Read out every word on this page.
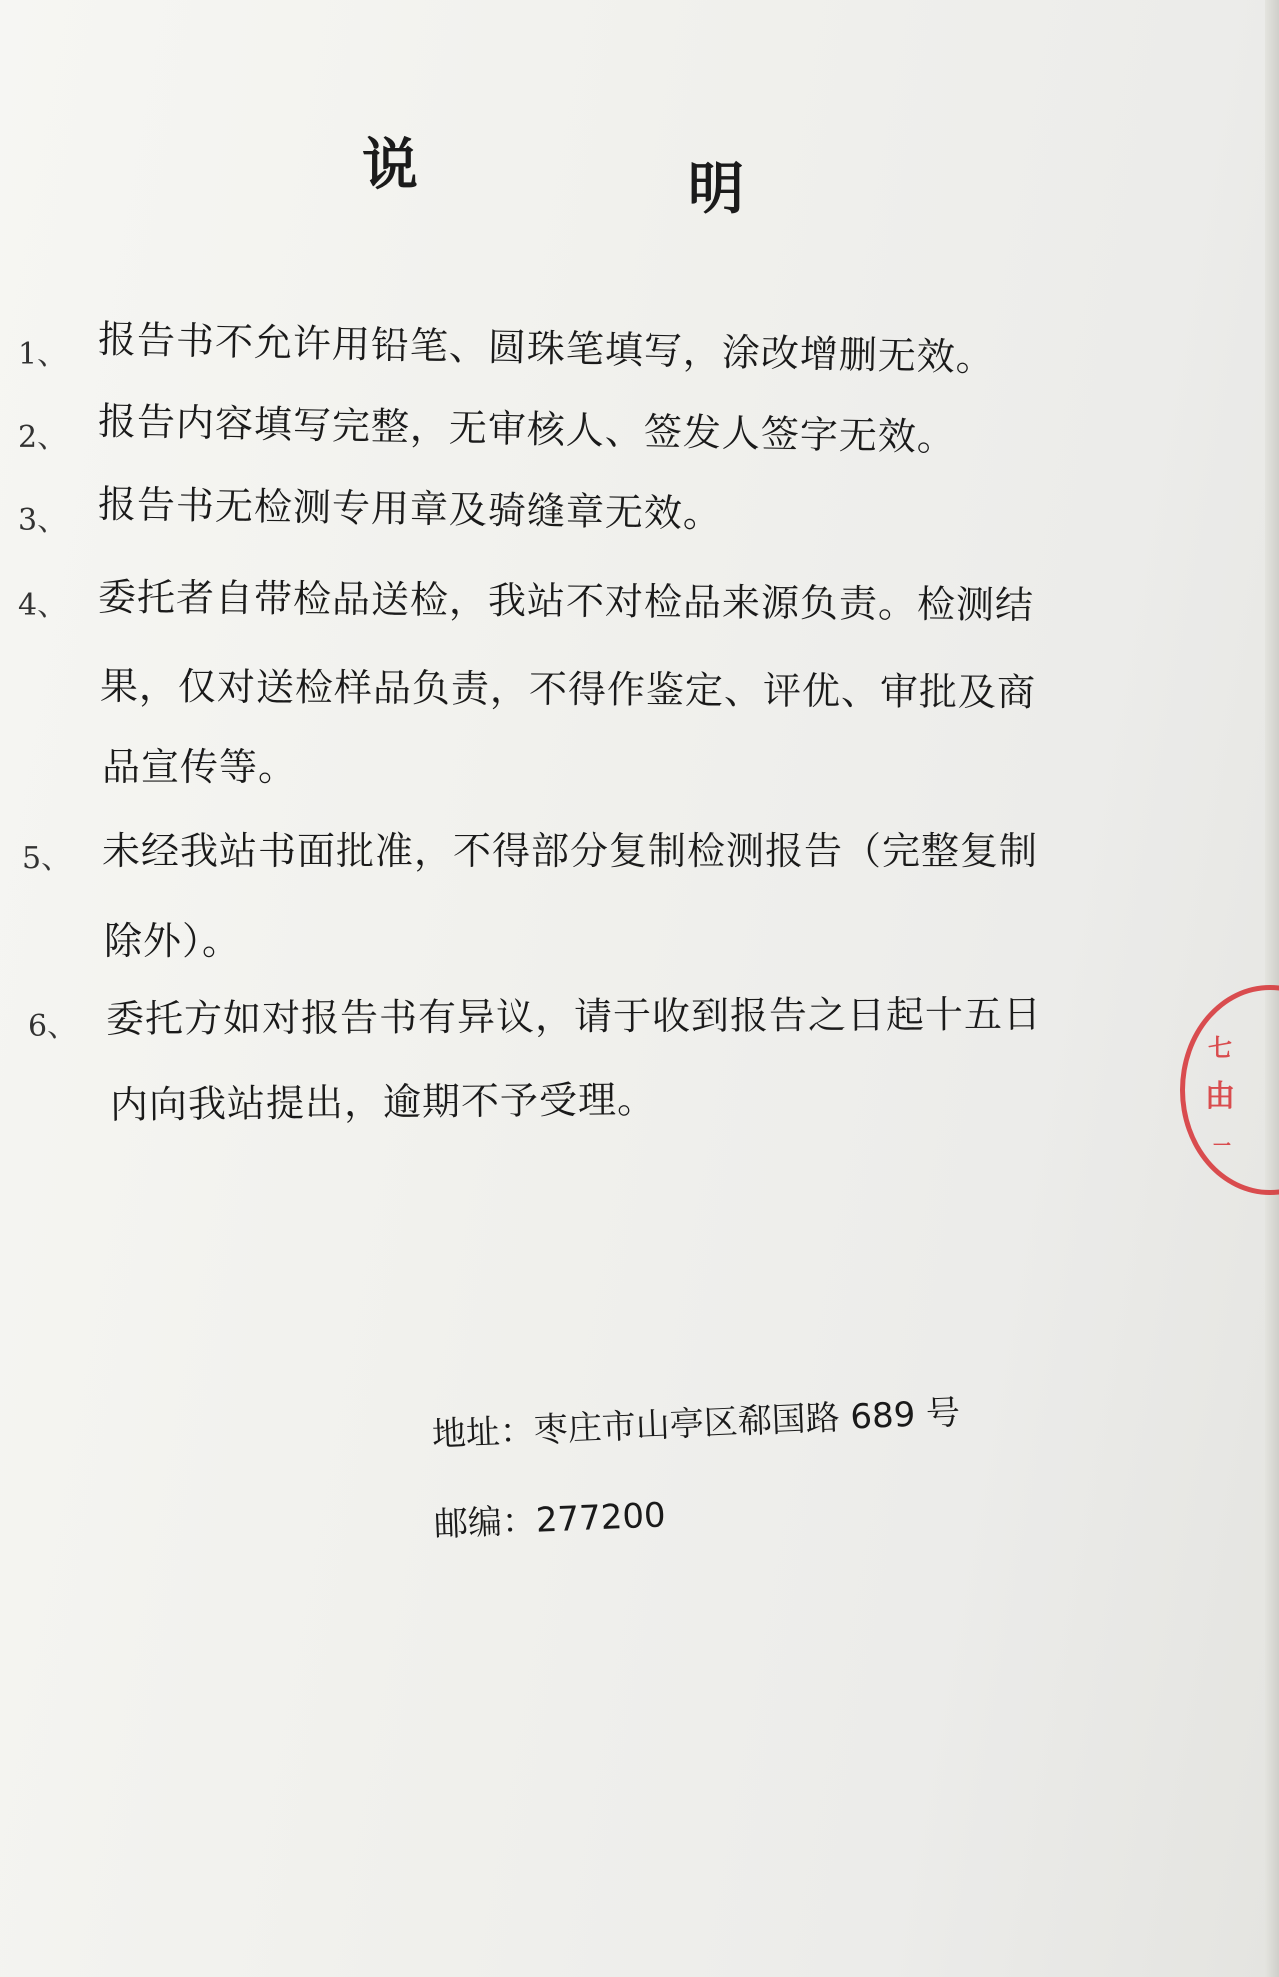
说	明
1、 报告书不允许用铅笔、圆珠笔填写，涂改增删无效。
2、 报告内容填写完整，无审核人、签发人签字无效。
3、 报告书无检测专用章及骑缝章无效。
4、 委托者自带检品送检，我站不对检品来源负责。检测结
果，仅对送检样品负责，不得作鉴定、评优、审批及商
品宣传等。
5、 未经我站书面批准，不得部分复制检测报告（完整复制
除外）。
6、 委托方如对报告书有异议，请于收到报告之日起十五日
内向我站提出，逾期不予受理。
地址：枣庄市山亭区郗国路 689 号
邮编：277200
七
由
一
